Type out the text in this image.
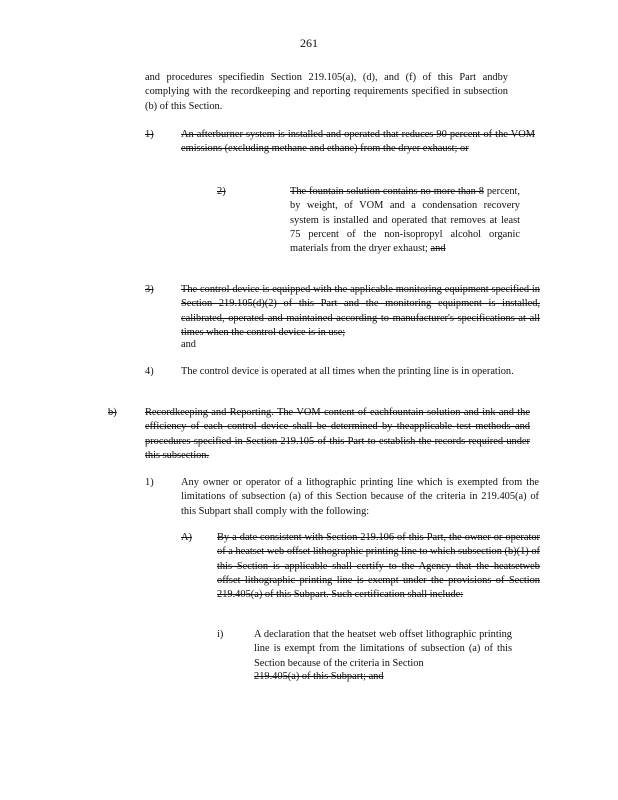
261
and procedures specifiedin Section 219.105(a), (d), and (f) of this Part andby complying with the recordkeeping and reporting requirements specified in subsection (b) of this Section.
1)	An afterburner system is installed and operated that reduces 90 percent of the VOM emissions (excluding methane and ethane) from the dryer exhaust; or
2)	The fountain solution contains no more than 8 percent, by weight, of VOM and a condensation recovery system is installed and operated that removes at least 75 percent of the non-isopropyl alcohol organic materials from the dryer exhaust; and
3)	The control device is equipped with the applicable monitoring equipment specified in Section 219.105(d)(2) of this Part and the monitoring equipment is installed, calibrated, operated and maintained according to manufacturer's specifications at all times when the control device is in use;
and
4)	The control device is operated at all times when the printing line is in operation.
b)	Recordkeeping and Reporting. The VOM content of eachfountain solution and ink and the efficiency of each control device shall be determined by theapplicable test methods and procedures specified in Section 219.105 of this Part to establish the records required under this subsection.
1)	Any owner or operator of a lithographic printing line which is exempted from the limitations of subsection (a) of this Section because of the criteria in 219.405(a) of this Subpart shall comply with the following:
A) By a date consistent with Section 219.106 of this Part, the owner or operator of a heatset web offset lithographic printing line to which subsection (b)(1) of this Section is applicable shall certify to the Agency that the heatsetweb offset lithographic printing line is exempt under the provisions of Section 219.405(a) of this Subpart. Such certification shall include:
i)	A declaration that the heatset web offset lithographic printing line is exempt from the limitations of subsection (a) of this Section because of the criteria in Section
219.405(a) of this Subpart; and
